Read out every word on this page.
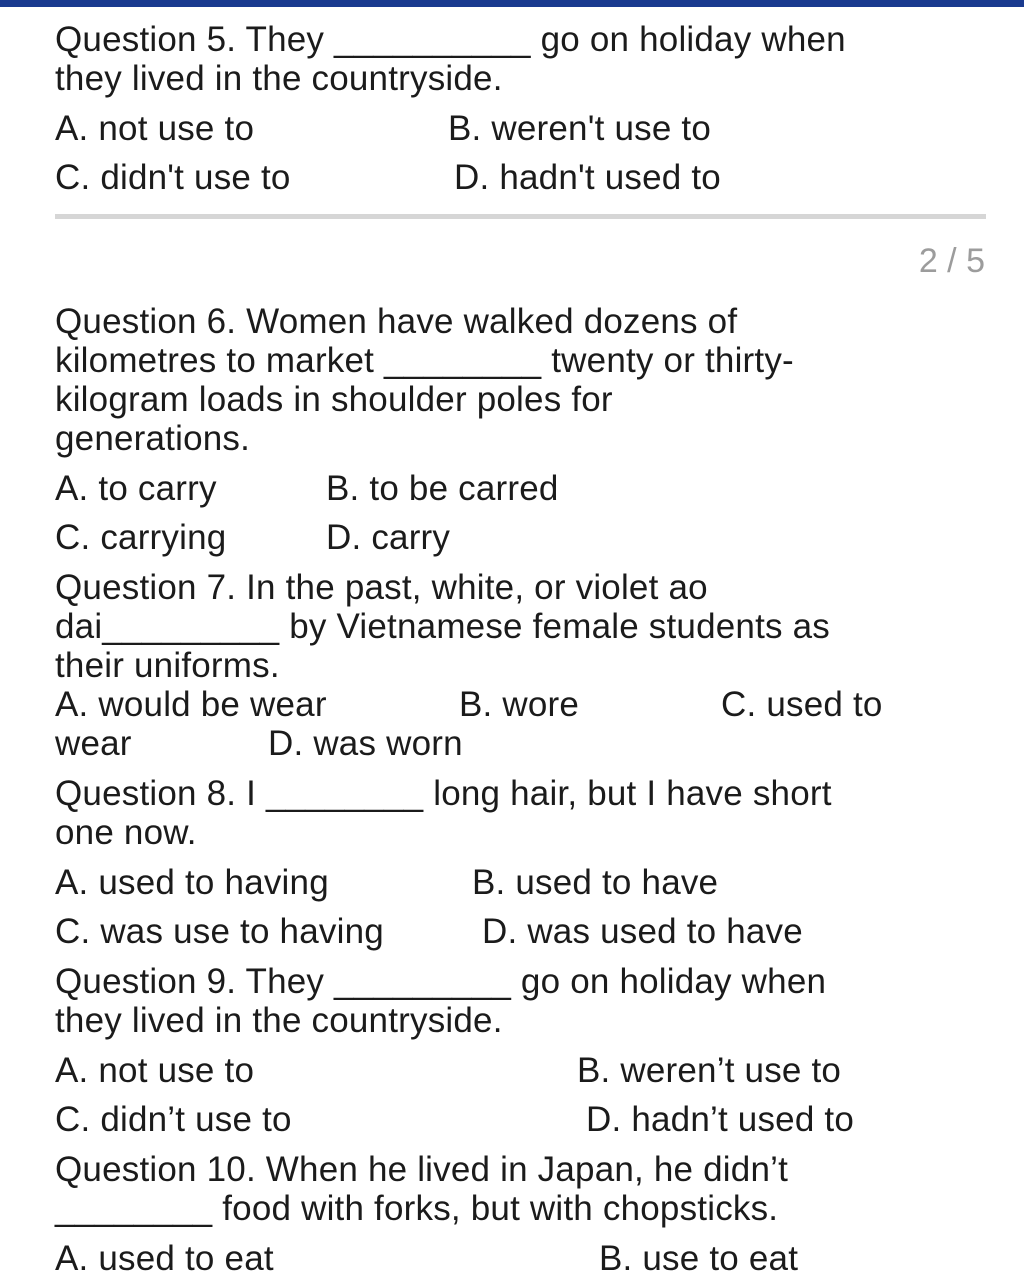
Question 5. They __________ go on holiday when
they lived in the countryside.
A. not use to	B. weren't use to
C. didn't use to	D. hadn't used to
2 / 5
Question 6. Women have walked dozens of
kilometres to market ________ twenty or thirty-
kilogram loads in shoulder poles for
generations.
A. to carry	B. to be carred
C. carrying	D. carry
Question 7. In the past, white, or violet ao
dai_________ by Vietnamese female students as
their uniforms.
A. would be wear	B. wore	C. used to
wear	D. was worn
Question 8. I ________ long hair, but I have short
one now.
A. used to having	B. used to have
C. was use to having	D. was used to have
Question 9. They _________ go on holiday when
they lived in the countryside.
A. not use to	B. weren’t use to
C. didn’t use to	D. hadn’t used to
Question 10. When he lived in Japan, he didn’t
________ food with forks, but with chopsticks.
A. used to eat	B. use to eat
